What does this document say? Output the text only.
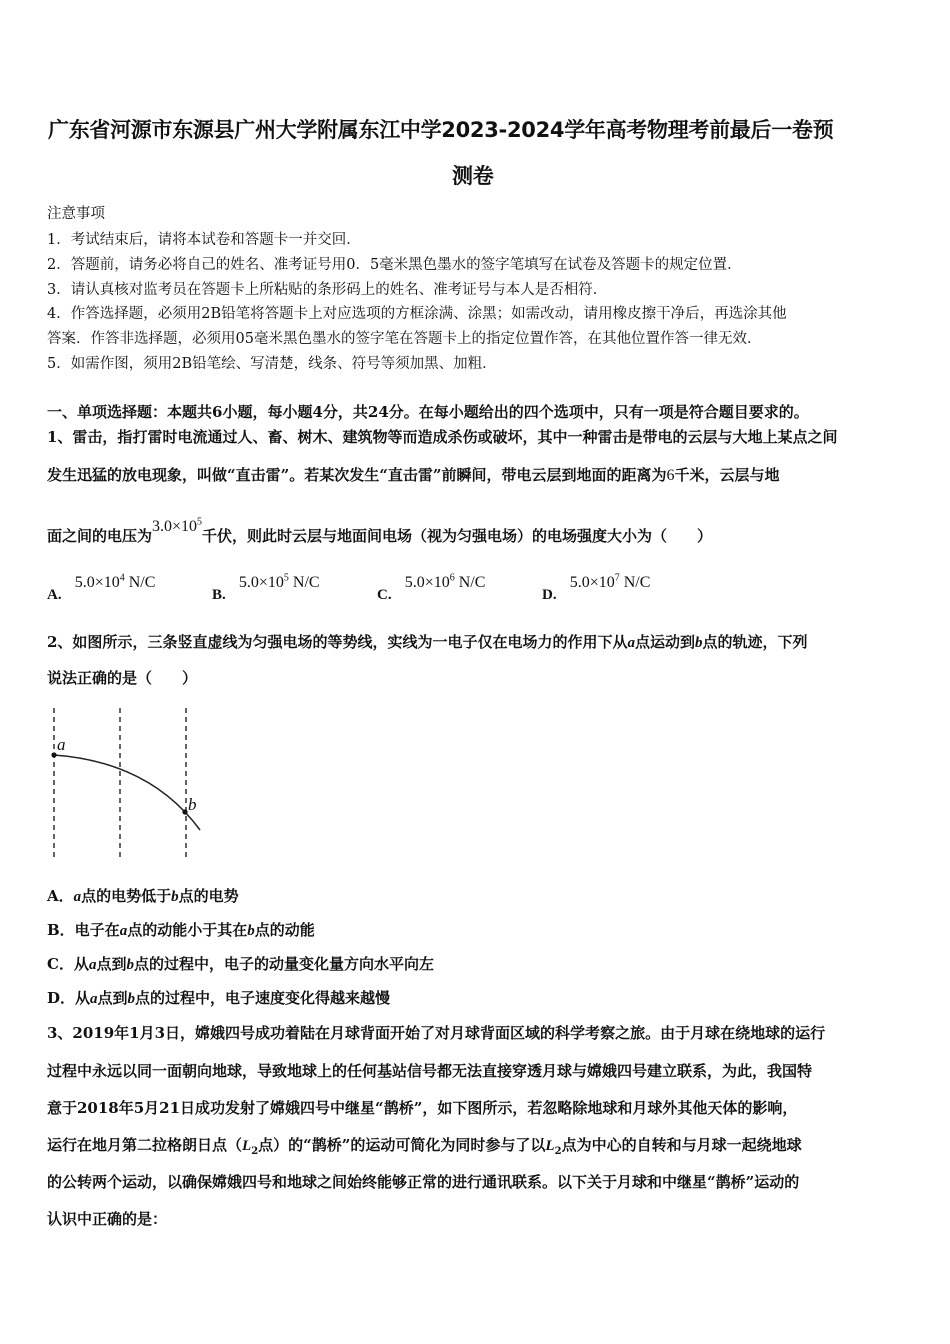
广东省河源市东源县广州大学附属东江中学2023-2024学年高考物理考前最后一卷预
测卷
注意事项
1．考试结束后，请将本试卷和答题卡一并交回．
2．答题前，请务必将自己的姓名、准考证号用0．5毫米黑色墨水的签字笔填写在试卷及答题卡的规定位置．
3．请认真核对监考员在答题卡上所粘贴的条形码上的姓名、准考证号与本人是否相符．
4．作答选择题，必须用2B铅笔将答题卡上对应选项的方框涂满、涂黑；如需改动，请用橡皮擦干净后，再选涂其他
答案．作答非选择题，必须用05毫米黑色墨水的签字笔在答题卡上的指定位置作答，在其他位置作答一律无效．
5．如需作图，须用2B铅笔绘、写清楚，线条、符号等须加黑、加粗．
一、单项选择题：本题共6小题，每小题4分，共24分。在每小题给出的四个选项中，只有一项是符合题目要求的。
1、雷击，指打雷时电流通过人、畜、树木、建筑物等而造成杀伤或破坏，其中一种雷击是带电的云层与大地上某点之间
发生迅猛的放电现象，叫做“直击雷”。若某次发生“直击雷”前瞬间，带电云层到地面的距离为6千米，云层与地
面之间的电压为$3.0\times 10^5$千伏，则此时云层与地面间电场（视为匀强电场）的电场强度大小为（　　）
A. $5.0\times 10^4$ N/C
B. $5.0\times 10^5$ N/C
C. $5.0\times 10^6$ N/C
D. $5.0\times 10^7$ N/C
2、如图所示，三条竖直虚线为匀强电场的等势线，实线为一电子仅在电场力的作用下从a点运动到b点的轨迹，下列
说法正确的是（　　）
a
b
A．a点的电势低于b点的电势
B．电子在a点的动能小于其在b点的动能
C．从a点到b点的过程中，电子的动量变化量方向水平向左
D．从a点到b点的过程中，电子速度变化得越来越慢
3、2019年1月3日，嫦娥四号成功着陆在月球背面开始了对月球背面区域的科学考察之旅。由于月球在绕地球的运行
过程中永远以同一面朝向地球，导致地球上的任何基站信号都无法直接穿透月球与嫦娥四号建立联系，为此，我国特
意于2018年5月21日成功发射了嫦娥四号中继星“鹊桥”，如下图所示，若忽略除地球和月球外其他天体的影响，
运行在地月第二拉格朗日点（$L_2$点）的“鹊桥”的运动可简化为同时参与了以$L_2$点为中心的自转和与月球一起绕地球
的公转两个运动，以确保嫦娥四号和地球之间始终能够正常的进行通讯联系。以下关于月球和中继星“鹊桥”运动的
认识中正确的是：
